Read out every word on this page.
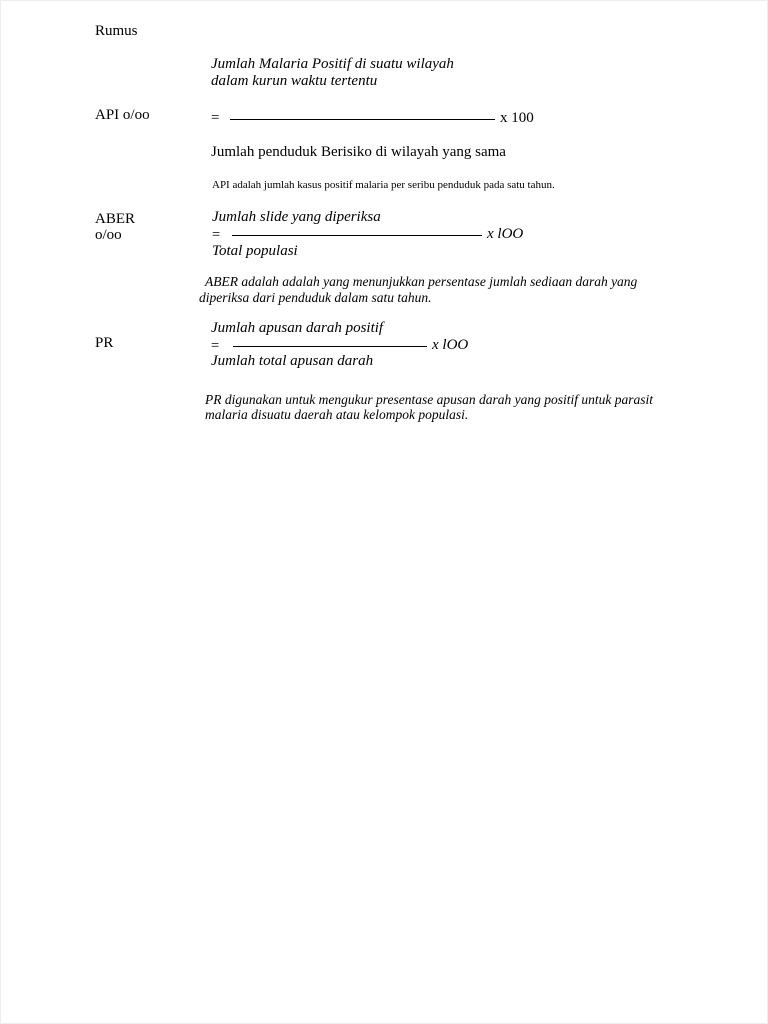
Rumus
Jumlah Malaria Positif di suatu wilayah
dalam kurun waktu tertentu
API o/oo	=	x 100
Jumlah penduduk Berisiko di wilayah yang sama
API adalah jumlah kasus positif malaria per seribu penduduk pada satu tahun.
ABER
o/oo
Jumlah slide yang diperiksa
=	x lOO
Total populasi
ABER adalah adalah yang menunjukkan persentase jumlah sediaan darah yang
diperiksa dari penduduk dalam satu tahun.
Jumlah apusan darah positif
PR	=	x lOO
Jumlah total apusan darah
PR digunakan untuk mengukur presentase apusan darah yang positif untuk parasit
malaria disuatu daerah atau kelompok populasi.
